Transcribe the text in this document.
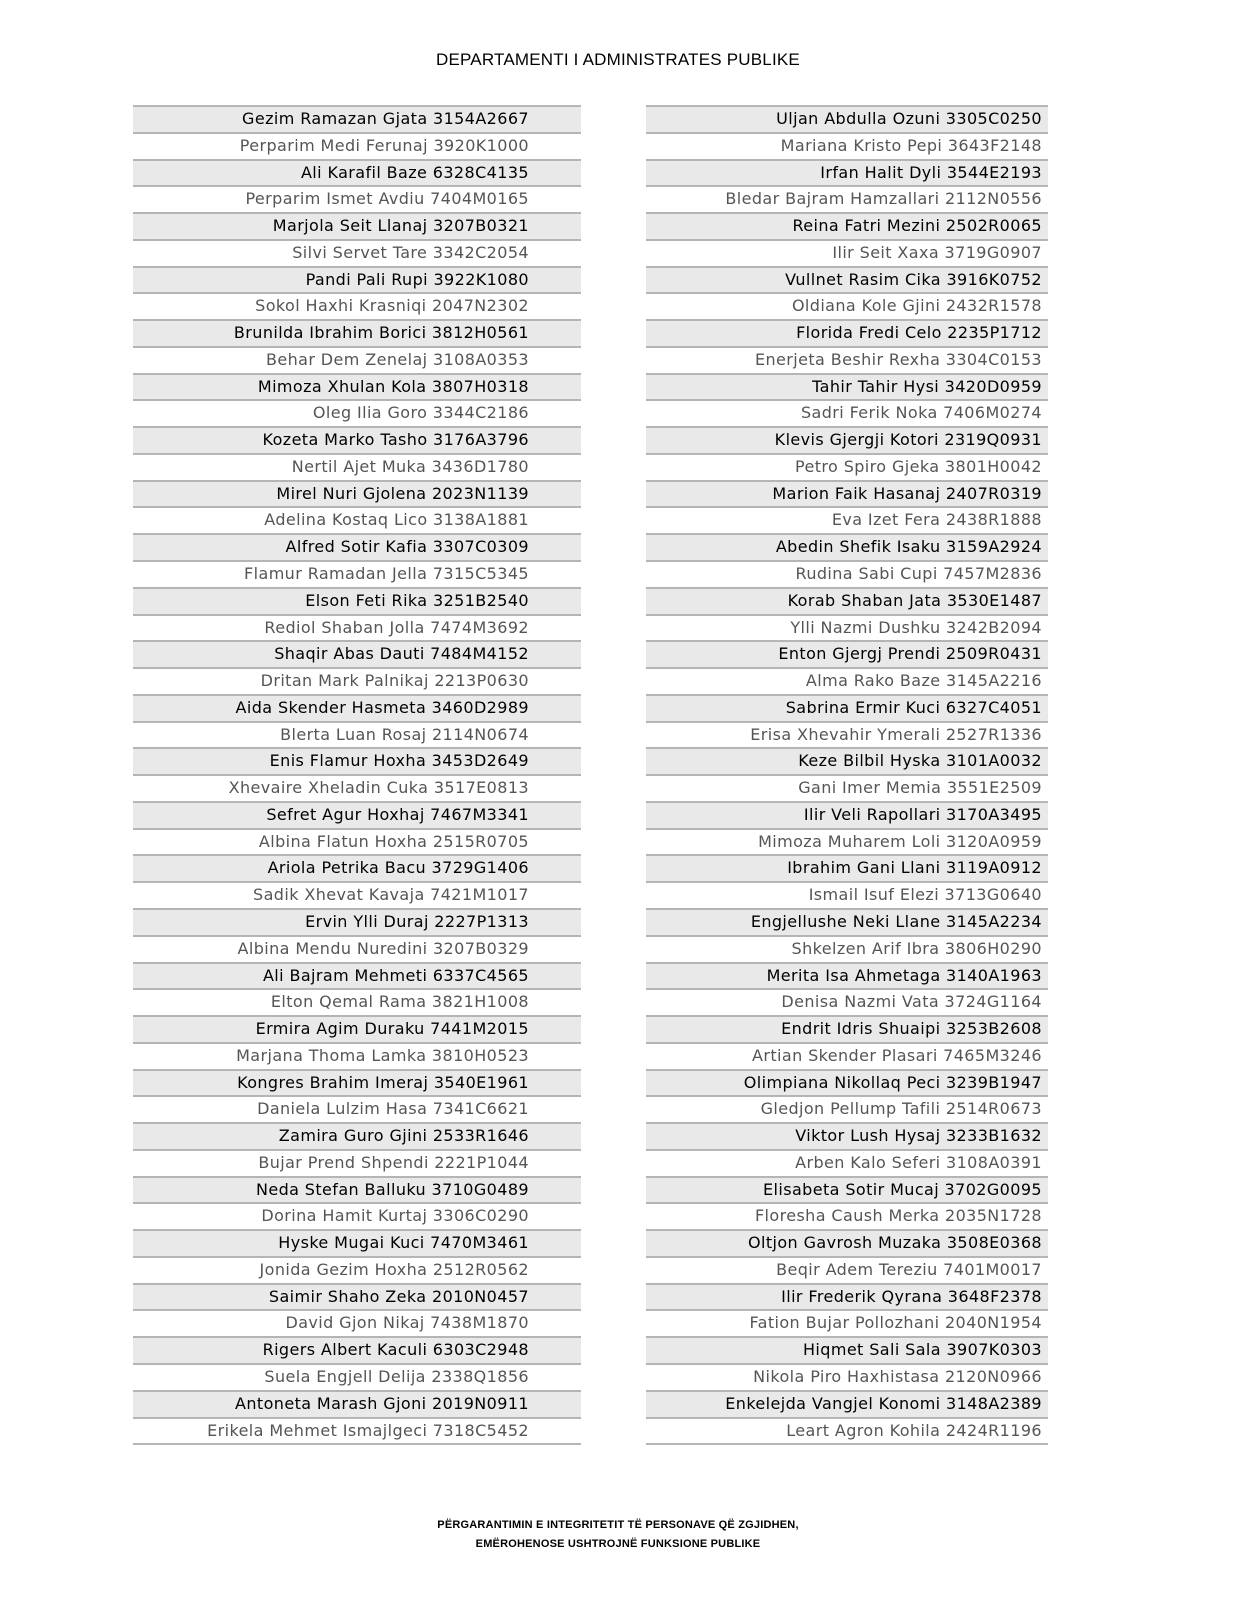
DEPARTAMENTI I ADMINISTRATES PUBLIKE
Gezim Ramazan Gjata 3154A2667
Perparim Medi Ferunaj 3920K1000
Ali Karafil Baze 6328C4135
Perparim Ismet Avdiu 7404M0165
Marjola Seit Llanaj 3207B0321
Silvi Servet Tare 3342C2054
Pandi Pali Rupi 3922K1080
Sokol Haxhi Krasniqi 2047N2302
Brunilda Ibrahim Borici 3812H0561
Behar Dem Zenelaj 3108A0353
Mimoza Xhulan Kola 3807H0318
Oleg Ilia Goro 3344C2186
Kozeta Marko Tasho 3176A3796
Nertil Ajet Muka 3436D1780
Mirel Nuri Gjolena 2023N1139
Adelina Kostaq Lico 3138A1881
Alfred Sotir Kafia 3307C0309
Flamur Ramadan Jella 7315C5345
Elson Feti Rika 3251B2540
Rediol Shaban Jolla 7474M3692
Shaqir Abas Dauti 7484M4152
Dritan Mark Palnikaj 2213P0630
Aida Skender Hasmeta 3460D2989
Blerta Luan Rosaj 2114N0674
Enis Flamur Hoxha 3453D2649
Xhevaire Xheladin Cuka 3517E0813
Sefret Agur Hoxhaj 7467M3341
Albina Flatun Hoxha 2515R0705
Ariola Petrika Bacu 3729G1406
Sadik Xhevat Kavaja 7421M1017
Ervin Ylli Duraj 2227P1313
Albina Mendu Nuredini 3207B0329
Ali Bajram Mehmeti 6337C4565
Elton Qemal Rama 3821H1008
Ermira Agim Duraku 7441M2015
Marjana Thoma Lamka 3810H0523
Kongres Brahim Imeraj 3540E1961
Daniela Lulzim Hasa 7341C6621
Zamira Guro Gjini 2533R1646
Bujar Prend Shpendi 2221P1044
Neda Stefan Balluku 3710G0489
Dorina Hamit Kurtaj 3306C0290
Hyske Mugai Kuci 7470M3461
Jonida Gezim Hoxha 2512R0562
Saimir Shaho Zeka 2010N0457
David Gjon Nikaj 7438M1870
Rigers Albert Kaculi 6303C2948
Suela Engjell Delija 2338Q1856
Antoneta Marash Gjoni 2019N0911
Erikela Mehmet Ismajlgeci 7318C5452
Uljan Abdulla Ozuni 3305C0250
Mariana Kristo Pepi 3643F2148
Irfan Halit Dyli 3544E2193
Bledar Bajram Hamzallari 2112N0556
Reina Fatri Mezini 2502R0065
Ilir Seit Xaxa 3719G0907
Vullnet Rasim Cika 3916K0752
Oldiana Kole Gjini 2432R1578
Florida Fredi Celo 2235P1712
Enerjeta Beshir Rexha 3304C0153
Tahir Tahir Hysi 3420D0959
Sadri Ferik Noka 7406M0274
Klevis Gjergji Kotori 2319Q0931
Petro Spiro Gjeka 3801H0042
Marion Faik Hasanaj 2407R0319
Eva Izet Fera 2438R1888
Abedin Shefik Isaku 3159A2924
Rudina Sabi Cupi 7457M2836
Korab Shaban Jata 3530E1487
Ylli Nazmi Dushku 3242B2094
Enton Gjergj Prendi 2509R0431
Alma Rako Baze 3145A2216
Sabrina Ermir Kuci 6327C4051
Erisa Xhevahir Ymerali 2527R1336
Keze Bilbil Hyska 3101A0032
Gani Imer Memia 3551E2509
Ilir Veli Rapollari 3170A3495
Mimoza Muharem Loli 3120A0959
Ibrahim Gani Llani 3119A0912
Ismail Isuf Elezi 3713G0640
Engjellushe Neki Llane 3145A2234
Shkelzen Arif Ibra 3806H0290
Merita Isa Ahmetaga 3140A1963
Denisa Nazmi Vata 3724G1164
Endrit Idris Shuaipi 3253B2608
Artian Skender Plasari 7465M3246
Olimpiana Nikollaq Peci 3239B1947
Gledjon Pellump Tafili 2514R0673
Viktor Lush Hysaj 3233B1632
Arben Kalo Seferi 3108A0391
Elisabeta Sotir Mucaj 3702G0095
Floresha Caush Merka 2035N1728
Oltjon Gavrosh Muzaka 3508E0368
Beqir Adem Tereziu 7401M0017
Ilir Frederik Qyrana 3648F2378
Fation Bujar Pollozhani 2040N1954
Hiqmet Sali Sala 3907K0303
Nikola Piro Haxhistasa 2120N0966
Enkelejda Vangjel Konomi 3148A2389
Leart Agron Kohila 2424R1196
PËRGARANTIMIN E INTEGRITETIT TË PERSONAVE QË ZGJIDHEN,
EMËROHENOSE USHTROJNË FUNKSIONE PUBLIKE
